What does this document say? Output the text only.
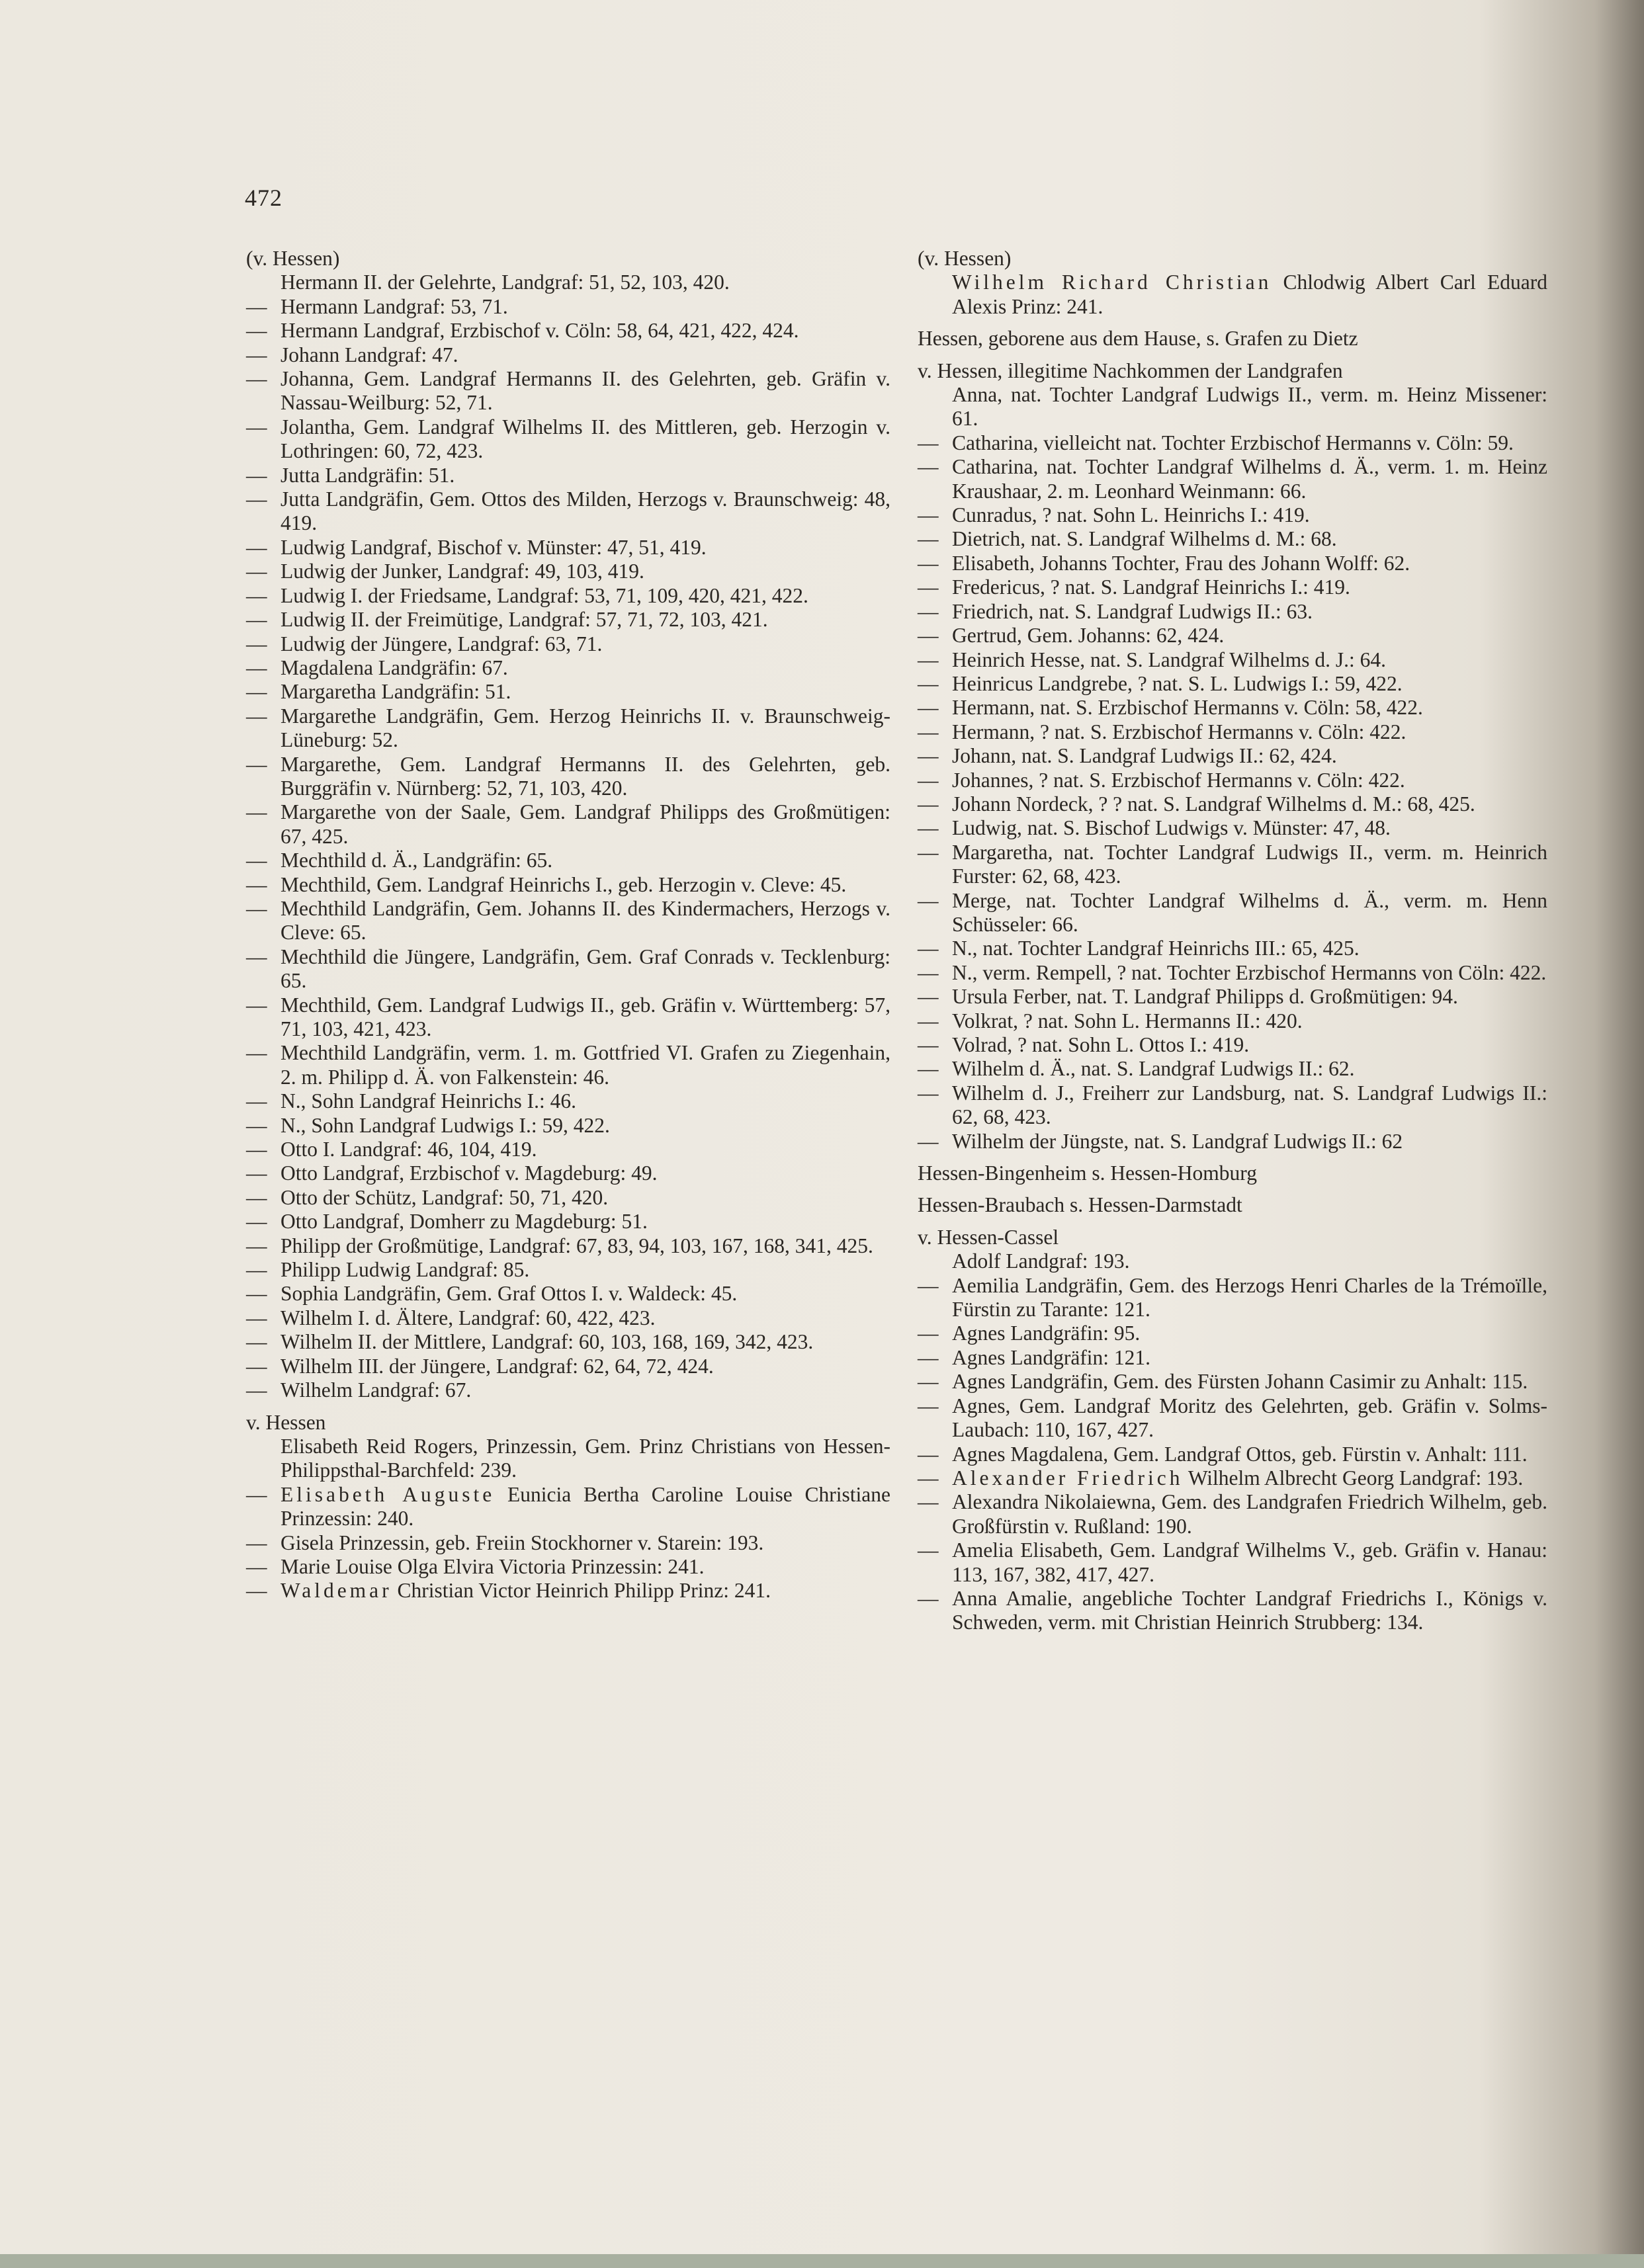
472
(v. Hessen)
Hermann II. der Gelehrte, Landgraf: 51, 52, 103, 420.
— Hermann Landgraf: 53, 71.
— Hermann Landgraf, Erzbischof v. Cöln: 58, 64, 421, 422, 424.
— Johann Landgraf: 47.
— Johanna, Gem. Landgraf Hermanns II. des Gelehrten, geb. Gräfin v. Nassau-Weilburg: 52, 71.
— Jolantha, Gem. Landgraf Wilhelms II. des Mittleren, geb. Herzogin v. Lothringen: 60, 72, 423.
— Jutta Landgräfin: 51.
— Jutta Landgräfin, Gem. Ottos des Milden, Herzogs v. Braunschweig: 48, 419.
— Ludwig Landgraf, Bischof v. Münster: 47, 51, 419.
— Ludwig der Junker, Landgraf: 49, 103, 419.
— Ludwig I. der Friedsame, Landgraf: 53, 71, 109, 420, 421, 422.
— Ludwig II. der Freimütige, Landgraf: 57, 71, 72, 103, 421.
— Ludwig der Jüngere, Landgraf: 63, 71.
— Magdalena Landgräfin: 67.
— Margaretha Landgräfin: 51.
— Margarethe Landgräfin, Gem. Herzog Heinrichs II. v. Braunschweig-Lüneburg: 52.
— Margarethe, Gem. Landgraf Hermanns II. des Gelehrten, geb. Burggräfin v. Nürnberg: 52, 71, 103, 420.
— Margarethe von der Saale, Gem. Landgraf Philipps des Großmütigen: 67, 425.
— Mechthild d. Ä., Landgräfin: 65.
— Mechthild, Gem. Landgraf Heinrichs I., geb. Herzogin v. Cleve: 45.
— Mechthild Landgräfin, Gem. Johanns II. des Kindermachers, Herzogs v. Cleve: 65.
— Mechthild die Jüngere, Landgräfin, Gem. Graf Conrads v. Tecklenburg: 65.
— Mechthild, Gem. Landgraf Ludwigs II., geb. Gräfin v. Württemberg: 57, 71, 103, 421, 423.
— Mechthild Landgräfin, verm. 1. m. Gottfried VI. Grafen zu Ziegenhain, 2. m. Philipp d. Ä. von Falkenstein: 46.
— N., Sohn Landgraf Heinrichs I.: 46.
— N., Sohn Landgraf Ludwigs I.: 59, 422.
— Otto I. Landgraf: 46, 104, 419.
— Otto Landgraf, Erzbischof v. Magdeburg: 49.
— Otto der Schütz, Landgraf: 50, 71, 420.
— Otto Landgraf, Domherr zu Magdeburg: 51.
— Philipp der Großmütige, Landgraf: 67, 83, 94, 103, 167, 168, 341, 425.
— Philipp Ludwig Landgraf: 85.
— Sophia Landgräfin, Gem. Graf Ottos I. v. Waldeck: 45.
— Wilhelm I. d. Ältere, Landgraf: 60, 422, 423.
— Wilhelm II. der Mittlere, Landgraf: 60, 103, 168, 169, 342, 423.
— Wilhelm III. der Jüngere, Landgraf: 62, 64, 72, 424.
— Wilhelm Landgraf: 67.
v. Hessen
Elisabeth Reid Rogers, Prinzessin, Gem. Prinz Christians von Hessen-Philippsthal-Barchfeld: 239.
— Elisabeth Auguste Eunicia Bertha Caroline Louise Christiane Prinzessin: 240.
— Gisela Prinzessin, geb. Freiin Stockhorner v. Starein: 193.
— Marie Louise Olga Elvira Victoria Prinzessin: 241.
— Waldemar Christian Victor Heinrich Philipp Prinz: 241.
(v. Hessen)
Wilhelm Richard Christian Chlodwig Albert Carl Eduard Alexis Prinz: 241.
Hessen, geborene aus dem Hause, s. Grafen zu Dietz
v. Hessen, illegitime Nachkommen der Landgrafen
Anna, nat. Tochter Landgraf Ludwigs II., verm. m. Heinz Missener: 61.
— Catharina, vielleicht nat. Tochter Erzbischof Hermanns v. Cöln: 59.
— Catharina, nat. Tochter Landgraf Wilhelms d. Ä., verm. 1. m. Heinz Kraushaar, 2. m. Leonhard Weinmann: 66.
— Cunradus, ? nat. Sohn L. Heinrichs I.: 419.
— Dietrich, nat. S. Landgraf Wilhelms d. M.: 68.
— Elisabeth, Johanns Tochter, Frau des Johann Wolff: 62.
— Fredericus, ? nat. S. Landgraf Heinrichs I.: 419.
— Friedrich, nat. S. Landgraf Ludwigs II.: 63.
— Gertrud, Gem. Johanns: 62, 424.
— Heinrich Hesse, nat. S. Landgraf Wilhelms d. J.: 64.
— Heinricus Landgrebe, ? nat. S. L. Ludwigs I.: 59, 422.
— Hermann, nat. S. Erzbischof Hermanns v. Cöln: 58, 422.
— Hermann, ? nat. S. Erzbischof Hermanns v. Cöln: 422.
— Johann, nat. S. Landgraf Ludwigs II.: 62, 424.
— Johannes, ? nat. S. Erzbischof Hermanns v. Cöln: 422.
— Johann Nordeck, ? ? nat. S. Landgraf Wilhelms d. M.: 68, 425.
— Ludwig, nat. S. Bischof Ludwigs v. Münster: 47, 48.
— Margaretha, nat. Tochter Landgraf Ludwigs II., verm. m. Heinrich Furster: 62, 68, 423.
— Merge, nat. Tochter Landgraf Wilhelms d. Ä., verm. m. Henn Schüsseler: 66.
— N., nat. Tochter Landgraf Heinrichs III.: 65, 425.
— N., verm. Rempell, ? nat. Tochter Erzbischof Hermanns von Cöln: 422.
— Ursula Ferber, nat. T. Landgraf Philipps d. Großmütigen: 94.
— Volkrat, ? nat. Sohn L. Hermanns II.: 420.
— Volrad, ? nat. Sohn L. Ottos I.: 419.
— Wilhelm d. Ä., nat. S. Landgraf Ludwigs II.: 62.
— Wilhelm d. J., Freiherr zur Landsburg, nat. S. Landgraf Ludwigs II.: 62, 68, 423.
— Wilhelm der Jüngste, nat. S. Landgraf Ludwigs II.: 62
Hessen-Bingenheim s. Hessen-Homburg
Hessen-Braubach s. Hessen-Darmstadt
v. Hessen-Cassel
Adolf Landgraf: 193.
— Aemilia Landgräfin, Gem. des Herzogs Henri Charles de la Trémoïlle, Fürstin zu Tarante: 121.
— Agnes Landgräfin: 95.
— Agnes Landgräfin: 121.
— Agnes Landgräfin, Gem. des Fürsten Johann Casimir zu Anhalt: 115.
— Agnes, Gem. Landgraf Moritz des Gelehrten, geb. Gräfin v. Solms-Laubach: 110, 167, 427.
— Agnes Magdalena, Gem. Landgraf Ottos, geb. Fürstin v. Anhalt: 111.
— Alexander Friedrich Wilhelm Albrecht Georg Landgraf: 193.
— Alexandra Nikolaiewna, Gem. des Landgrafen Friedrich Wilhelm, geb. Großfürstin v. Rußland: 190.
— Amelia Elisabeth, Gem. Landgraf Wilhelms V., geb. Gräfin v. Hanau: 113, 167, 382, 417, 427.
— Anna Amalie, angebliche Tochter Landgraf Friedrichs I., Königs v. Schweden, verm. mit Christian Heinrich Strubberg: 134.
